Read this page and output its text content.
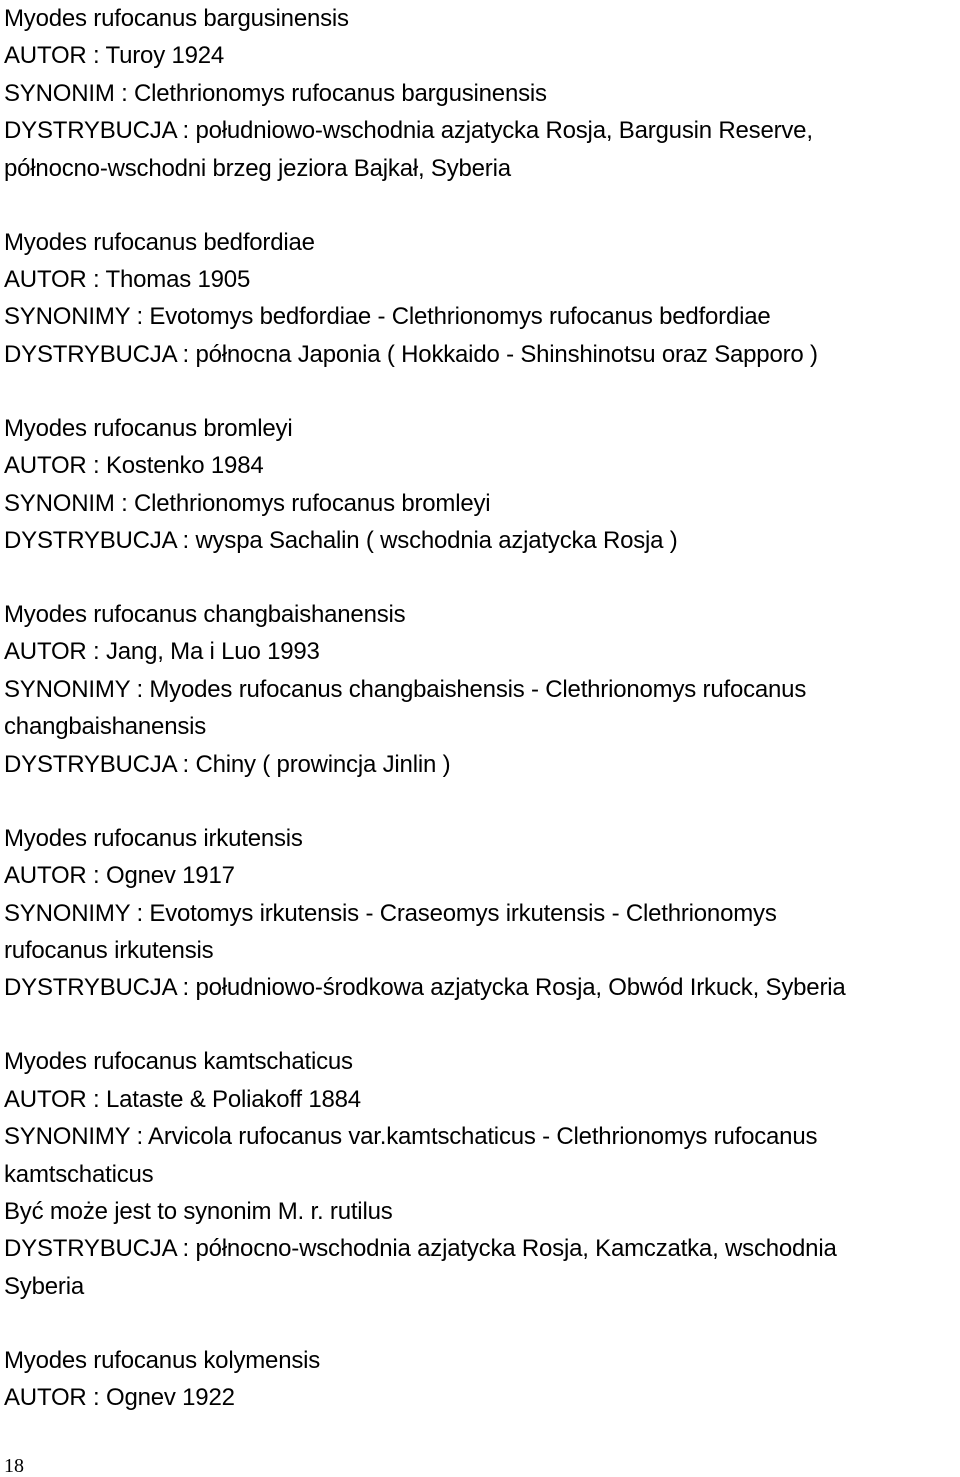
Myodes rufocanus bargusinensis
AUTOR : Turoy 1924
SYNONIM : Clethrionomys rufocanus bargusinensis
DYSTRYBUCJA : południowo-wschodnia azjatycka Rosja, Bargusin Reserve,
północno-wschodni brzeg jeziora Bajkał, Syberia
Myodes rufocanus bedfordiae
AUTOR : Thomas 1905
SYNONIMY : Evotomys bedfordiae - Clethrionomys rufocanus bedfordiae
DYSTRYBUCJA : północna Japonia ( Hokkaido - Shinshinotsu oraz Sapporo )
Myodes rufocanus bromleyi
AUTOR : Kostenko 1984
SYNONIM : Clethrionomys rufocanus bromleyi
DYSTRYBUCJA : wyspa Sachalin ( wschodnia azjatycka Rosja )
Myodes rufocanus changbaishanensis
AUTOR : Jang, Ma i Luo 1993
SYNONIMY : Myodes rufocanus changbaishensis - Clethrionomys rufocanus
changbaishanensis
DYSTRYBUCJA : Chiny ( prowincja Jinlin )
Myodes rufocanus irkutensis
AUTOR : Ognev 1917
SYNONIMY : Evotomys irkutensis - Craseomys irkutensis - Clethrionomys
rufocanus irkutensis
DYSTRYBUCJA : południowo-środkowa azjatycka Rosja, Obwód Irkuck, Syberia
Myodes rufocanus kamtschaticus
AUTOR : Lataste & Poliakoff 1884
SYNONIMY : Arvicola rufocanus var.kamtschaticus - Clethrionomys rufocanus
kamtschaticus
Być może jest to synonim M. r. rutilus
DYSTRYBUCJA : północno-wschodnia azjatycka Rosja, Kamczatka, wschodnia
Syberia
Myodes rufocanus kolymensis
AUTOR : Ognev 1922
18
